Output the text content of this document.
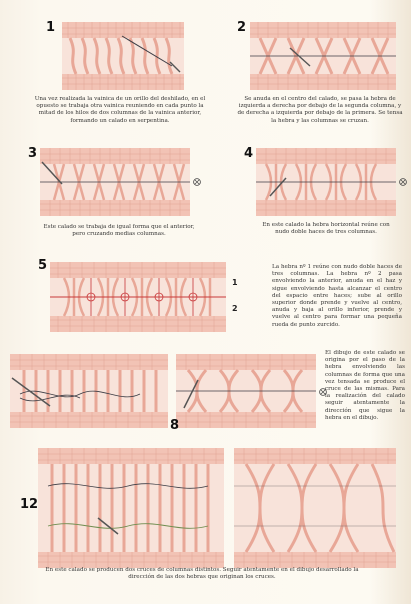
1

Una vez realizada la vainica de un orillo del deshilado, en el opuesto se trabaja otra vainica reuniendo en cada punto la mitad de los hilos de dos columnas de la vainica anterior, formando un calado en serpentina.

2

Se anuda en el centro del calado, se pasa la hebra de izquierda a derecha por debajo de la segunda columna, y de derecha a izquierda por debajo de la primera. Se tensa la hebra y las columnas se cruzan.

3

Este calado se trabaja de igual forma que el anterior, pero cruzando medias columnas.

4

En este calado la hebra horizontal reúne con nudo doble haces de tres columnas.

5
1
2

La hebra nº 1 reúne con nudo doble haces de tres columnas. La hebra nº 2 pasa envolviendo la anterior, anuda en el haz y sigue envolviendo hasta alcanzar el centro del espacio entre haces; sube al orillo superior donde prende y vuelve al centro, anuda y baja al orillo inferior, prende y vuelve al centro para formar una pequeña rueda de punto zurcido.

8

El dibujo de este calado se origina por el paso de la hebra envolviendo las columnas de forma que una vez tensada se produce el cruce de las mismas. Para la realización del calado seguir atentamente la dirección que sigue la hebra en el dibujo.

12

En este calado se producen dos cruces de columnas distintos. Seguir atentamente en el dibujo desarrollado la dirección de las dos hebras que originan los cruces.
